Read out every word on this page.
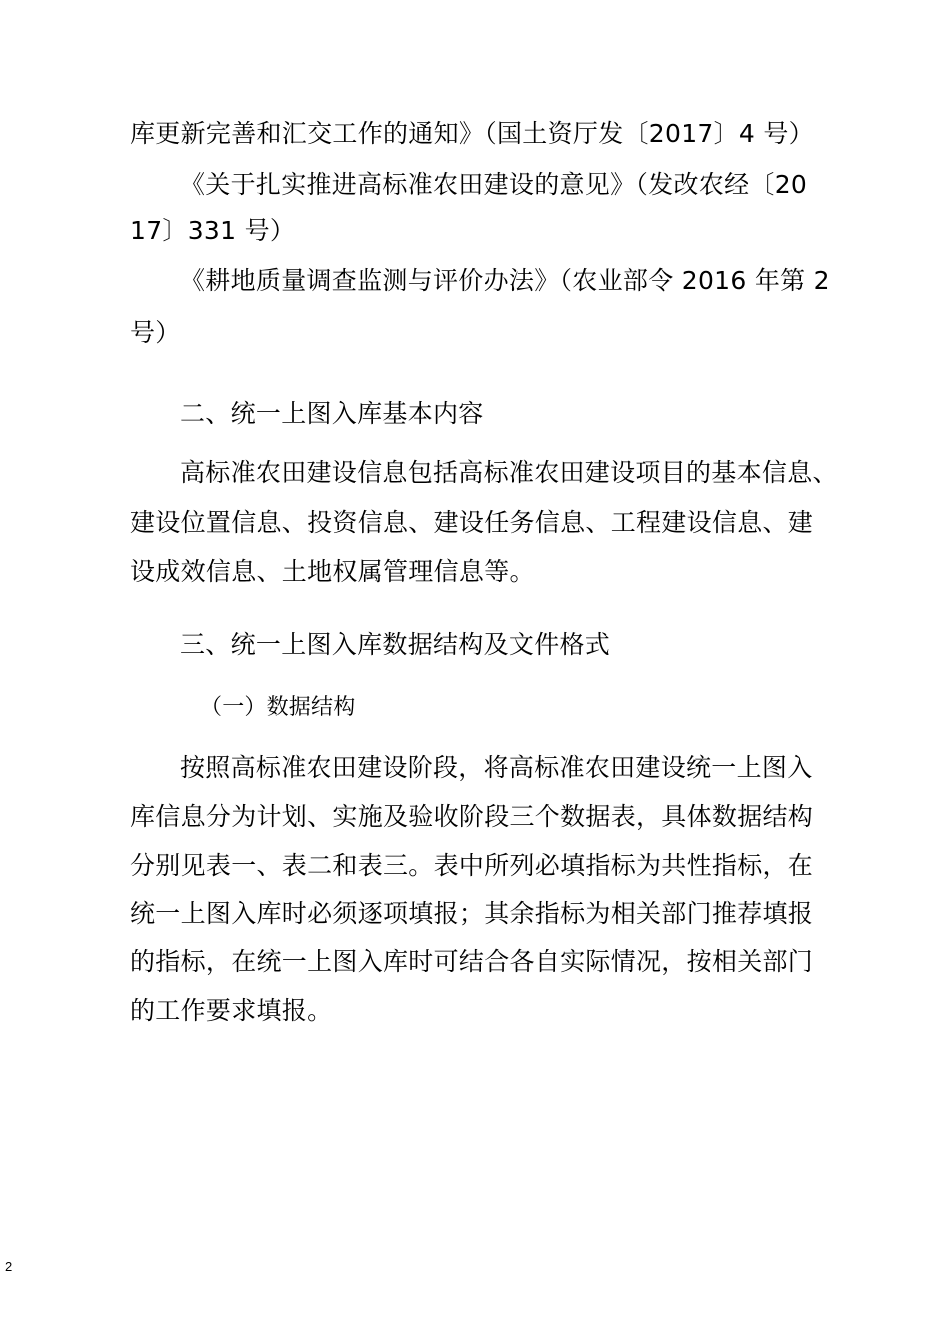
库更新完善和汇交工作的通知》（国土资厅发〔2017〕4 号）
《关于扎实推进高标准农田建设的意见》（发改农经〔20
17〕331 号）
《耕地质量调查监测与评价办法》（农业部令 2016 年第 2
号）
二、统一上图入库基本内容
高标准农田建设信息包括高标准农田建设项目的基本信息、
建设位置信息、投资信息、建设任务信息、工程建设信息、建
设成效信息、土地权属管理信息等。
三、统一上图入库数据结构及文件格式
（一）数据结构
按照高标准农田建设阶段，将高标准农田建设统一上图入
库信息分为计划、实施及验收阶段三个数据表，具体数据结构
分别见表一、表二和表三。表中所列必填指标为共性指标，在
统一上图入库时必须逐项填报；其余指标为相关部门推荐填报
的指标，在统一上图入库时可结合各自实际情况，按相关部门
的工作要求填报。
2
